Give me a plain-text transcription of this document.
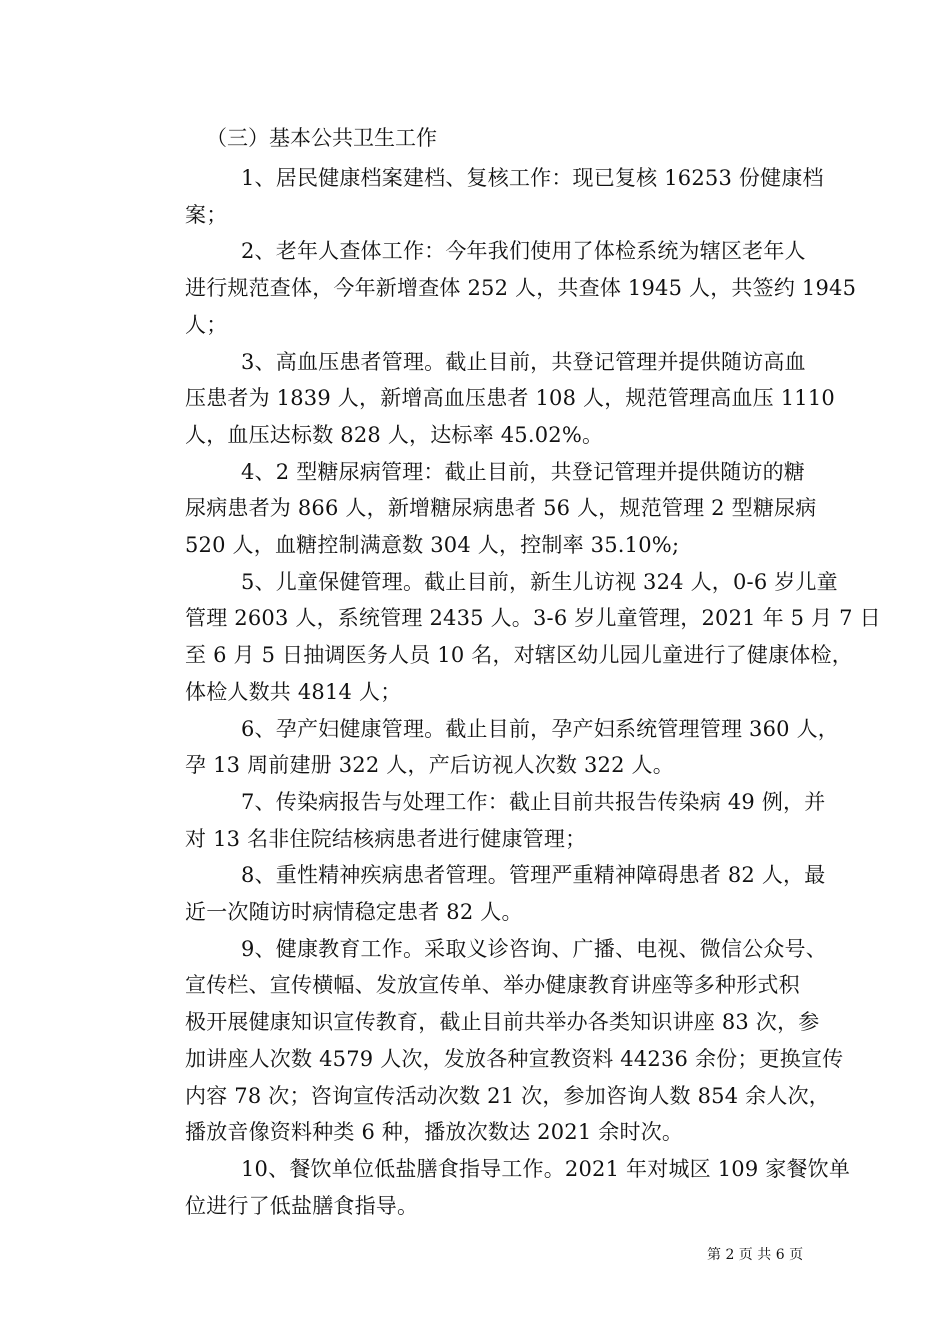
（三）基本公共卫生工作
1、居民健康档案建档、复核工作：现已复核 16253 份健康档
案；
2、老年人查体工作：今年我们使用了体检系统为辖区老年人
进行规范查体，今年新增查体 252 人，共查体 1945 人，共签约 1945
人；
3、高血压患者管理。截止目前，共登记管理并提供随访高血
压患者为 1839 人，新增高血压患者 108 人，规范管理高血压 1110
人，血压达标数 828 人，达标率 45.02%。
4、2 型糖尿病管理：截止目前，共登记管理并提供随访的糖
尿病患者为 866 人，新增糖尿病患者 56 人，规范管理 2 型糖尿病
520 人，血糖控制满意数 304 人，控制率 35.10%;
5、儿童保健管理。截止目前，新生儿访视 324 人，0-6 岁儿童
管理 2603 人，系统管理 2435 人。3-6 岁儿童管理，2021 年 5 月 7 日
至 6 月 5 日抽调医务人员 10 名，对辖区幼儿园儿童进行了健康体检，
体检人数共 4814 人；
6、孕产妇健康管理。截止目前，孕产妇系统管理管理 360 人，
孕 13 周前建册 322 人，产后访视人次数 322 人。
7、传染病报告与处理工作：截止目前共报告传染病 49 例，并
对 13 名非住院结核病患者进行健康管理；
8、重性精神疾病患者管理。管理严重精神障碍患者 82 人，最
近一次随访时病情稳定患者 82 人。
9、健康教育工作。采取义诊咨询、广播、电视、微信公众号、
宣传栏、宣传横幅、发放宣传单、举办健康教育讲座等多种形式积
极开展健康知识宣传教育，截止目前共举办各类知识讲座 83 次，参
加讲座人次数 4579 人次，发放各种宣教资料 44236 余份；更换宣传
内容 78 次；咨询宣传活动次数 21 次，参加咨询人数 854 余人次，
播放音像资料种类 6 种，播放次数达 2021 余时次。
10、餐饮单位低盐膳食指导工作。2021 年对城区 109 家餐饮单
位进行了低盐膳食指导。
第 2 页 共 6 页
